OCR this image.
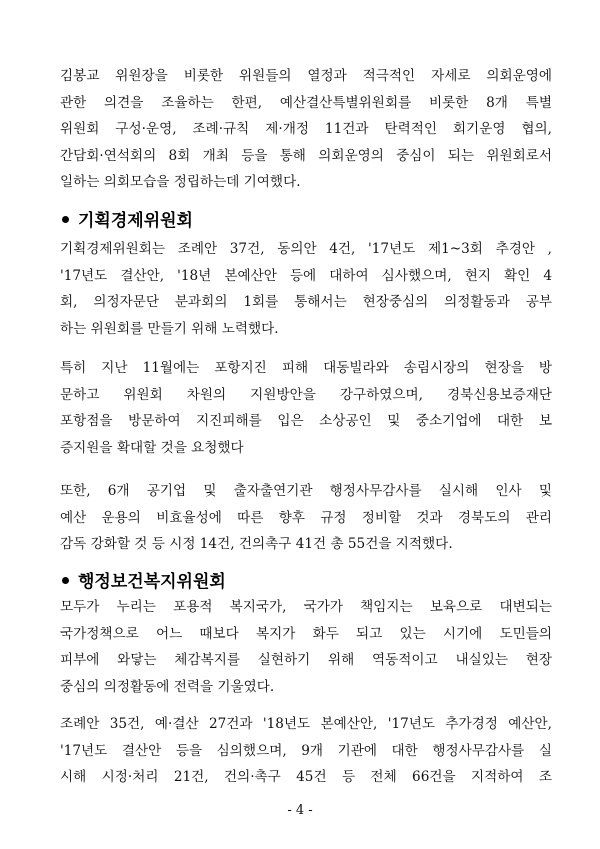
김봉교 위원장을 비롯한 위원들의 열정과 적극적인 자세로 의회운영에
관한 의견을 조율하는 한편, 예산결산특별위원회를 비롯한 8개 특별
위원회 구성·운영, 조례·규칙 제·개정 11건과 탄력적인 회기운영 협의,
간담회·연석회의 8회 개최 등을 통해 의회운영의 중심이 되는 위원회로서
일하는 의회모습을 정립하는데 기여했다.
기획경제위원회
기획경제위원회는 조례안 37건, 동의안 4건, '17년도 제1~3회 추경안 ,
'17년도 결산안, '18년 본예산안 등에 대하여 심사했으며, 현지 확인 4
회, 의정자문단 분과회의 1회를 통해서는 현장중심의 의정활동과 공부
하는 위원회를 만들기 위해 노력했다.
특히 지난 11월에는 포항지진 피해 대동빌라와 송림시장의 현장을 방
문하고 위원회 차원의 지원방안을 강구하였으며, 경북신용보증재단
포항점을 방문하여 지진피해를 입은 소상공인 및 중소기업에 대한 보
증지원을 확대할 것을 요청했다
또한, 6개 공기업 및 출자출연기관 행정사무감사를 실시해 인사 및
예산 운용의 비효율성에 따른 향후 규정 정비할 것과 경북도의 관리
감독 강화할 것 등 시정 14건, 건의촉구 41건 총 55건을 지적했다.
행정보건복지위원회
모두가 누리는 포용적 복지국가, 국가가 책임지는 보육으로 대변되는
국가정책으로 어느 때보다 복지가 화두 되고 있는 시기에 도민들의
피부에 와닿는 체감복지를 실현하기 위해 역동적이고 내실있는 현장
중심의 의정활동에 전력을 기울였다.
조례안 35건, 예·결산 27건과 '18년도 본예산안, '17년도 추가경정 예산안,
'17년도 결산안 등을 심의했으며, 9개 기관에 대한 행정사무감사를 실
시해 시정·처리 21건, 건의·촉구 45건 등 전체 66건을 지적하여 조
- 4 -
